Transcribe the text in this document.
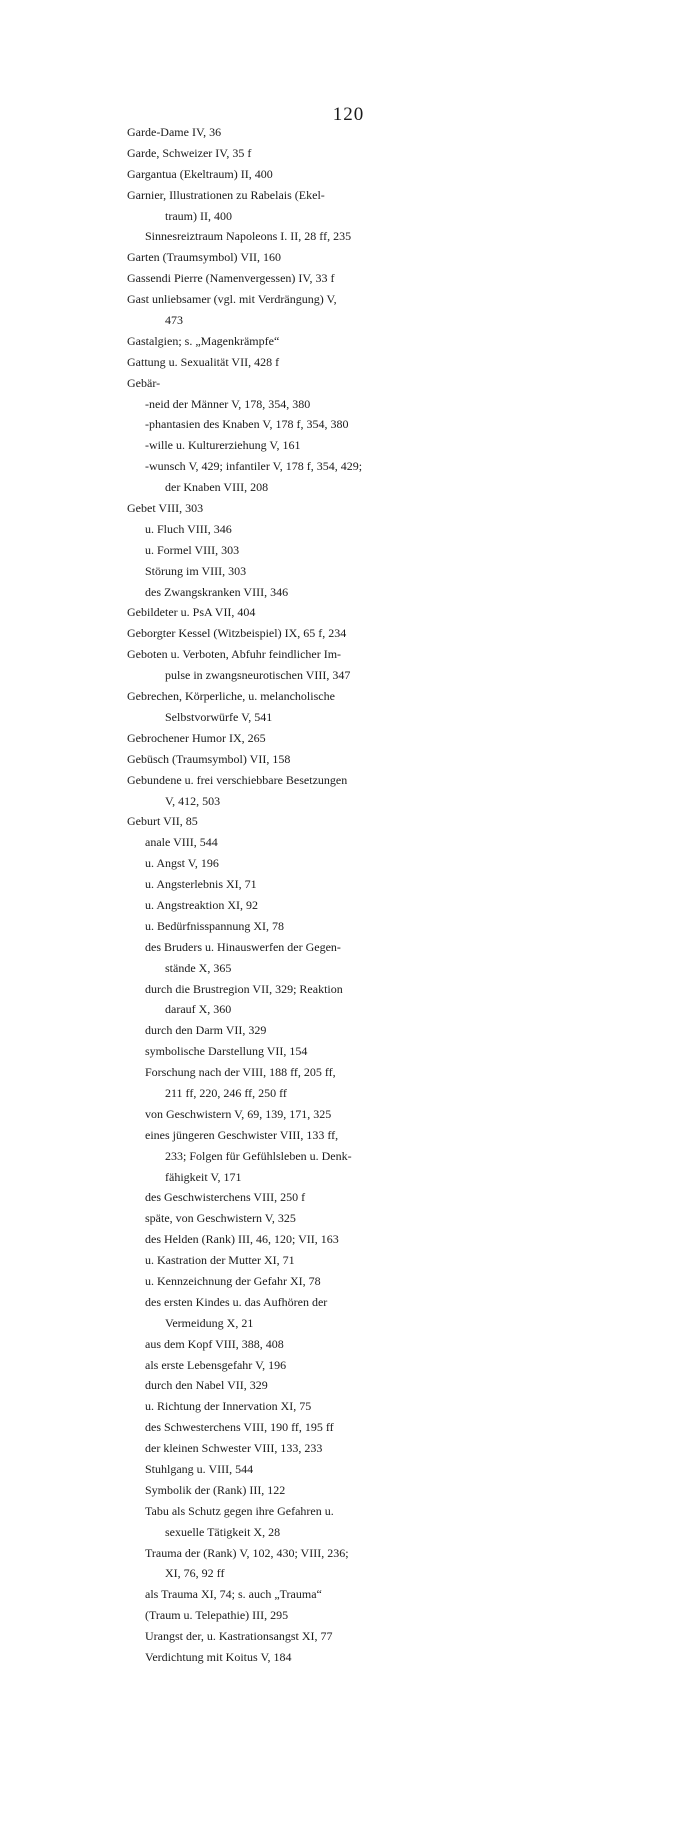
120
Garde-Dame IV, 36
Garde, Schweizer IV, 35 f
Gargantua (Ekeltraum) II, 400
Garnier, Illustrationen zu Rabelais (Ekel-
traum) II, 400
Sinnesreiztraum Napoleons I. II, 28 ff, 235
Garten (Traumsymbol) VII, 160
Gassendi Pierre (Namenvergessen) IV, 33 f
Gast unliebsamer (vgl. mit Verdrängung) V,
473
Gastalgien; s. „Magenkrämpfe“
Gattung u. Sexualität VII, 428 f
Gebär-
-neid der Männer V, 178, 354, 380
-phantasien des Knaben V, 178 f, 354, 380
-wille u. Kulturerziehung V, 161
-wunsch V, 429; infantiler V, 178 f, 354, 429;
der Knaben VIII, 208
Gebet VIII, 303
u. Fluch VIII, 346
u. Formel VIII, 303
Störung im VIII, 303
des Zwangskranken VIII, 346
Gebildeter u. PsA VII, 404
Geborgter Kessel (Witzbeispiel) IX, 65 f, 234
Geboten u. Verboten, Abfuhr feindlicher Im-
pulse in zwangsneurotischen VIII, 347
Gebrechen, Körperliche, u. melancholische
Selbstvorwürfe V, 541
Gebrochener Humor IX, 265
Gebüsch (Traumsymbol) VII, 158
Gebundene u. frei verschiebbare Besetzungen
V, 412, 503
Geburt VII, 85
anale VIII, 544
u. Angst V, 196
u. Angsterlebnis XI, 71
u. Angstreaktion XI, 92
u. Bedürfnisspannung XI, 78
des Bruders u. Hinauswerfen der Gegen-
stände X, 365
durch die Brustregion VII, 329; Reaktion
darauf X, 360
durch den Darm VII, 329
symbolische Darstellung VII, 154
Forschung nach der VIII, 188 ff, 205 ff,
211 ff, 220, 246 ff, 250 ff
von Geschwistern V, 69, 139, 171, 325
eines jüngeren Geschwister VIII, 133 ff,
233; Folgen für Gefühlsleben u. Denk-
fähigkeit V, 171
des Geschwisterchens VIII, 250 f
späte, von Geschwistern V, 325
des Helden (Rank) III, 46, 120; VII, 163
u. Kastration der Mutter XI, 71
u. Kennzeichnung der Gefahr XI, 78
des ersten Kindes u. das Aufhören der
Vermeidung X, 21
aus dem Kopf VIII, 388, 408
als erste Lebensgefahr V, 196
durch den Nabel VII, 329
u. Richtung der Innervation XI, 75
des Schwesterchens VIII, 190 ff, 195 ff
der kleinen Schwester VIII, 133, 233
Stuhlgang u. VIII, 544
Symbolik der (Rank) III, 122
Tabu als Schutz gegen ihre Gefahren u.
sexuelle Tätigkeit X, 28
Trauma der (Rank) V, 102, 430; VIII, 236;
XI, 76, 92 ff
als Trauma XI, 74; s. auch „Trauma“
(Traum u. Telepathie) III, 295
Urangst der, u. Kastrationsangst XI, 77
Verdichtung mit Koitus V, 184
